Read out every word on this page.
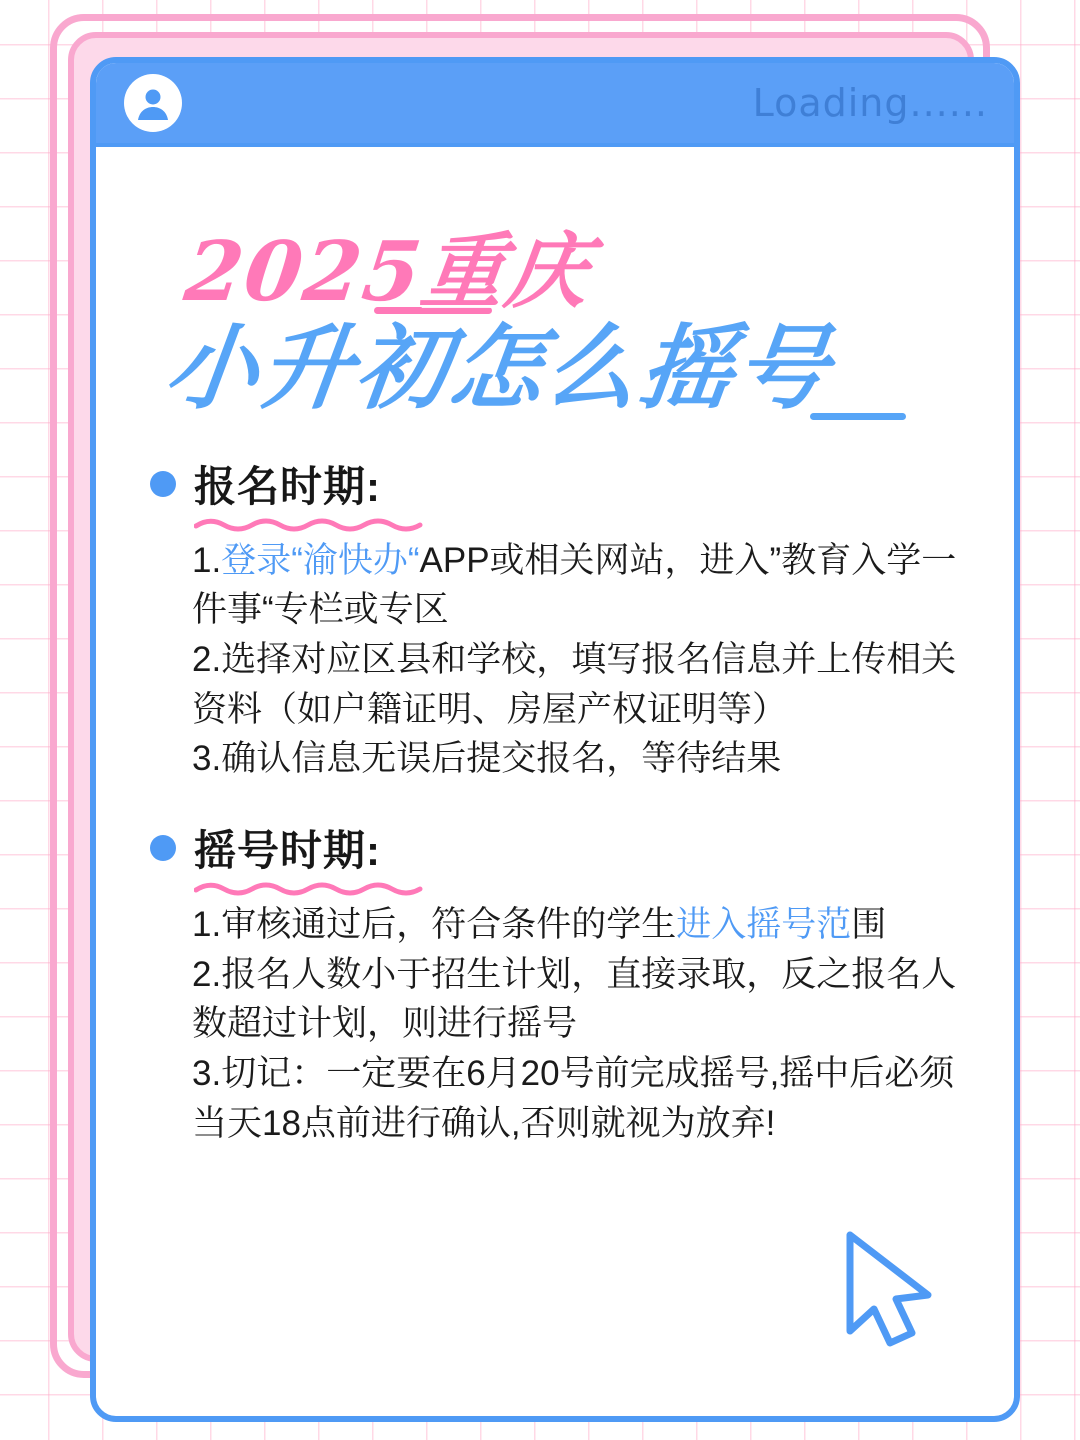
Loading......
2025重庆
小升初怎么摇号
报名时期:

1.登录“渝快办“APP或相关网站，进入”教育入学一件事“专栏或专区

2.选择对应区县和学校，填写报名信息并上传相关资料（如户籍证明、房屋产权证明等）

3.确认信息无误后提交报名，等待结果

摇号时期:

1.审核通过后，符合条件的学生进入摇号范围

2.报名人数小于招生计划，直接录取，反之报名人数超过计划，则进行摇号

3.切记：一定要在6月20号前完成摇号,摇中后必须当天18点前进行确认,否则就视为放弃!
